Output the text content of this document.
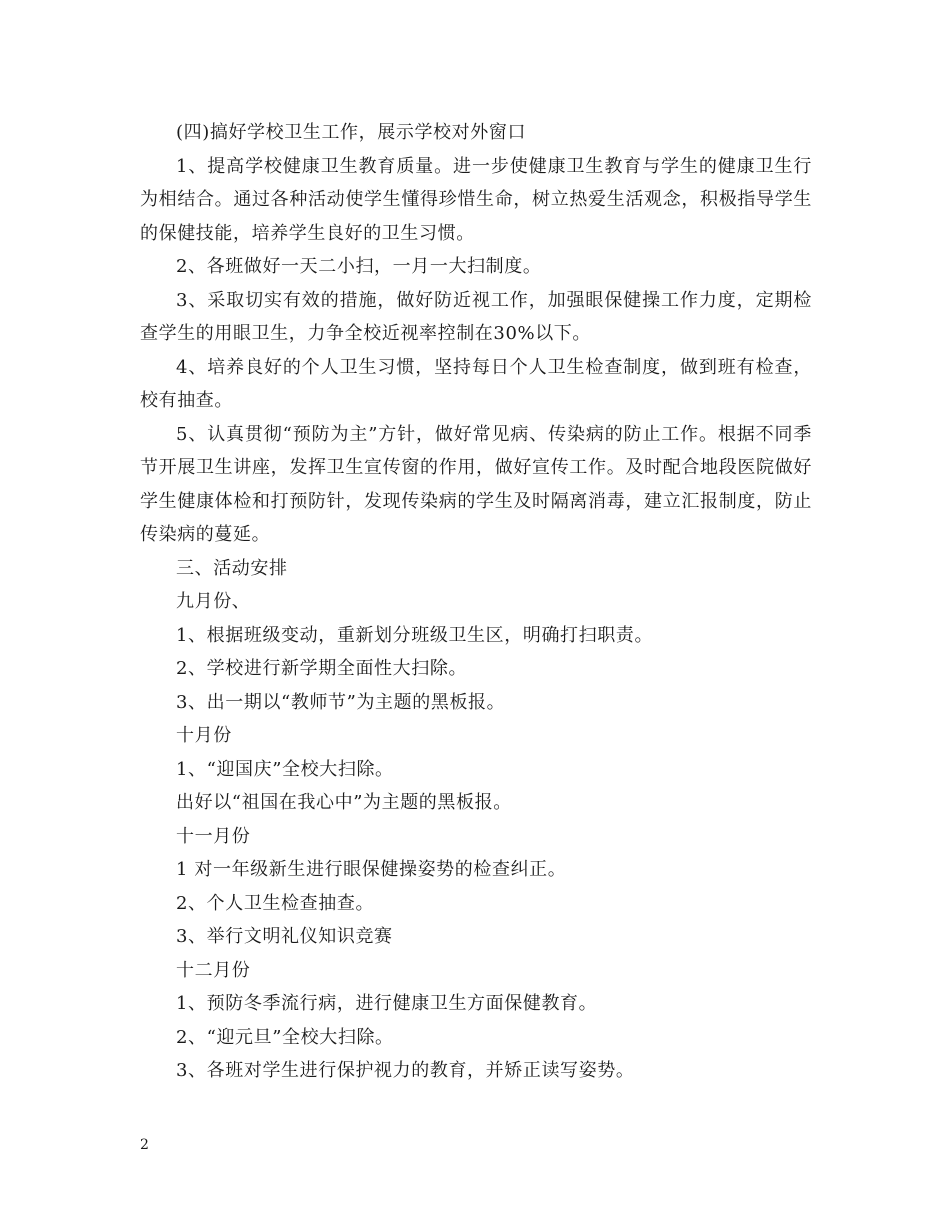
(四)搞好学校卫生工作，展示学校对外窗口

1、提高学校健康卫生教育质量。进一步使健康卫生教育与学生的健康卫生行为相结合。通过各种活动使学生懂得珍惜生命，树立热爱生活观念，积极指导学生的保健技能，培养学生良好的卫生习惯。

2、各班做好一天二小扫，一月一大扫制度。

3、采取切实有效的措施，做好防近视工作，加强眼保健操工作力度，定期检查学生的用眼卫生，力争全校近视率控制在30%以下。

4、培养良好的个人卫生习惯，坚持每日个人卫生检查制度，做到班有检查，校有抽查。

5、认真贯彻“预防为主”方针，做好常见病、传染病的防止工作。根据不同季节开展卫生讲座，发挥卫生宣传窗的作用，做好宣传工作。及时配合地段医院做好学生健康体检和打预防针，发现传染病的学生及时隔离消毒，建立汇报制度，防止传染病的蔓延。

三、活动安排

九月份、

1、根据班级变动，重新划分班级卫生区，明确打扫职责。

2、学校进行新学期全面性大扫除。

3、出一期以“教师节”为主题的黑板报。

十月份

1、“迎国庆”全校大扫除。

出好以“祖国在我心中”为主题的黑板报。

十一月份

1 对一年级新生进行眼保健操姿势的检查纠正。

2、个人卫生检查抽查。

3、举行文明礼仪知识竞赛

十二月份

1、预防冬季流行病，进行健康卫生方面保健教育。

2、“迎元旦”全校大扫除。

3、各班对学生进行保护视力的教育，并矫正读写姿势。

2
